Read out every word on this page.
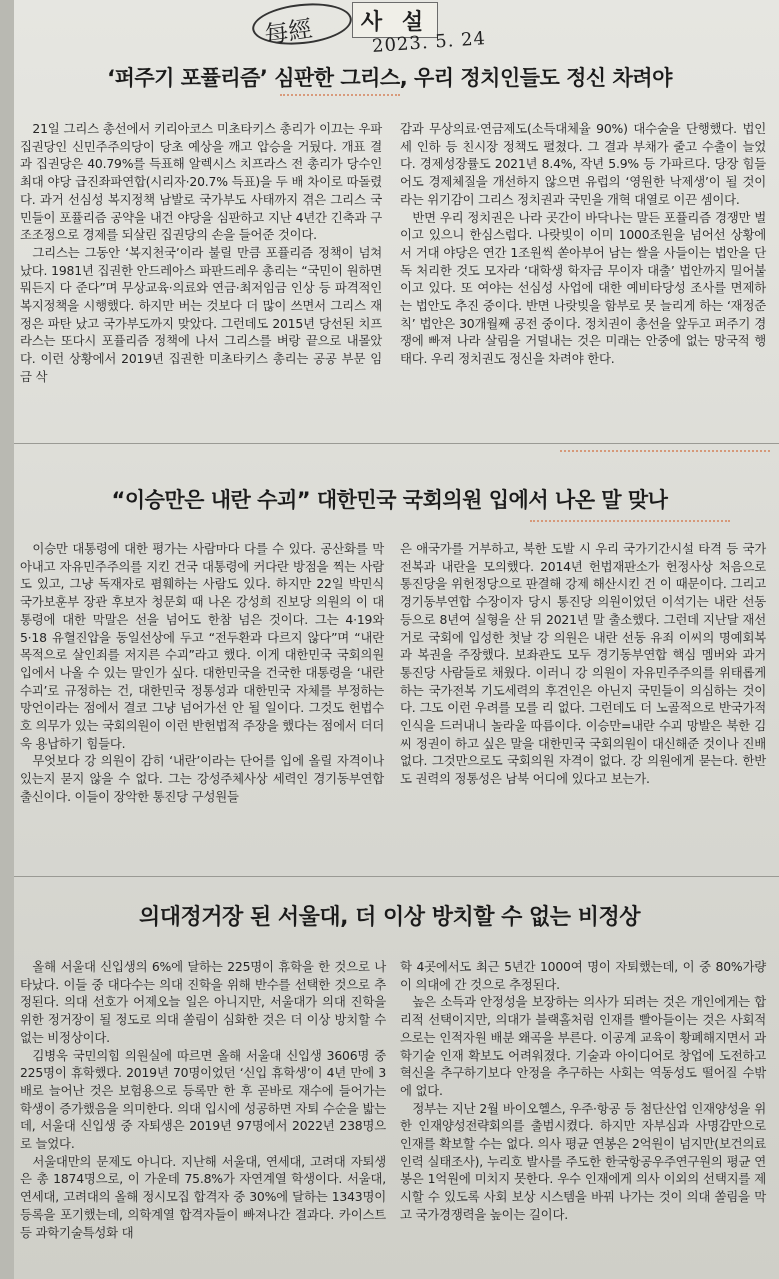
每經	사 설
2023. 5. 24
‘퍼주기 포퓰리즘’ 심판한 그리스, 우리 정치인들도 정신 차려야

21일 그리스 총선에서 키리아코스 미초타키스 총리가 이끄는 우파 집권당인 신민주주의당이 당초 예상을 깨고 압승을 거뒀다. 개표 결과 집권당은 40.79%를 득표해 알렉시스 치프라스 전 총리가 당수인 최대 야당 급진좌파연합(시리자·20.7% 득표)을 두 배 차이로 따돌렸다. 과거 선심성 복지정책 남발로 국가부도 사태까지 겪은 그리스 국민들이 포퓰리즘 공약을 내건 야당을 심판하고 지난 4년간 긴축과 구조조정으로 경제를 되살린 집권당의 손을 들어준 것이다.

그리스는 그동안 ‘복지천국’이라 불릴 만큼 포퓰리즘 정책이 넘쳐났다. 1981년 집권한 안드레아스 파판드레우 총리는 “국민이 원하면 뭐든지 다 준다”며 무상교육·의료와 연금·최저임금 인상 등 파격적인 복지정책을 시행했다. 하지만 버는 것보다 더 많이 쓰면서 그리스 재정은 파탄 났고 국가부도까지 맞았다. 그런데도 2015년 당선된 치프라스는 또다시 포퓰리즘 정책에 나서 그리스를 벼랑 끝으로 내몰았다. 이런 상황에서 2019년 집권한 미초타키스 총리는 공공 부문 임금 삭

감과 무상의료·연금제도(소득대체율 90%) 대수술을 단행했다. 법인세 인하 등 친시장 정책도 펼쳤다. 그 결과 부채가 줄고 수출이 늘었다. 경제성장률도 2021년 8.4%, 작년 5.9% 등 가파르다. 당장 힘들어도 경제체질을 개선하지 않으면 유럽의 ‘영원한 낙제생’이 될 것이라는 위기감이 그리스 정치권과 국민을 개혁 대열로 이끈 셈이다.

반면 우리 정치권은 나라 곳간이 바닥나는 말든 포퓰리즘 경쟁만 벌이고 있으니 한심스럽다. 나랏빚이 이미 1000조원을 넘어선 상황에서 거대 야당은 연간 1조원씩 쏟아부어 남는 쌀을 사들이는 법안을 단독 처리한 것도 모자라 ‘대학생 학자금 무이자 대출’ 법안까지 밀어붙이고 있다. 또 여야는 선심성 사업에 대한 예비타당성 조사를 면제하는 법안도 추진 중이다. 반면 나랏빚을 함부로 못 늘리게 하는 ‘재정준칙’ 법안은 30개월째 공전 중이다. 정치권이 총선을 앞두고 퍼주기 경쟁에 빠져 나라 살림을 거덜내는 것은 미래는 안중에 없는 망국적 행태다. 우리 정치권도 정신을 차려야 한다.

“이승만은 내란 수괴” 대한민국 국회의원 입에서 나온 말 맞나

이승만 대통령에 대한 평가는 사람마다 다를 수 있다. 공산화를 막아내고 자유민주주의를 지킨 건국 대통령에 커다란 방점을 찍는 사람도 있고, 그냥 독재자로 폄훼하는 사람도 있다. 하지만 22일 박민식 국가보훈부 장관 후보자 청문회 때 나온 강성희 진보당 의원의 이 대통령에 대한 막말은 선을 넘어도 한참 넘은 것이다. 그는 4·19와 5·18 유혈진압을 동일선상에 두고 “전두환과 다르지 않다”며 “내란 목적으로 살인죄를 저지른 수괴”라고 했다. 이게 대한민국 국회의원 입에서 나올 수 있는 말인가 싶다. 대한민국을 건국한 대통령을 ‘내란 수괴’로 규정하는 건, 대한민국 정통성과 대한민국 자체를 부정하는 망언이라는 점에서 결코 그냥 넘어가선 안 될 일이다. 그것도 헌법수호 의무가 있는 국회의원이 이런 반헌법적 주장을 했다는 점에서 더더욱 용납하기 힘들다.

무엇보다 강 의원이 감히 ‘내란’이라는 단어를 입에 올릴 자격이나 있는지 묻지 않을 수 없다. 그는 강성주체사상 세력인 경기동부연합 출신이다. 이들이 장악한 통진당 구성원들

은 애국가를 거부하고, 북한 도발 시 우리 국가기간시설 타격 등 국가 전복과 내란을 모의했다. 2014년 헌법재판소가 헌정사상 처음으로 통진당을 위헌정당으로 판결해 강제 해산시킨 건 이 때문이다. 그리고 경기동부연합 수장이자 당시 통진당 의원이었던 이석기는 내란 선동 등으로 8년여 실형을 산 뒤 2021년 말 출소했다. 그런데 지난달 재선거로 국회에 입성한 첫날 강 의원은 내란 선동 유죄 이씨의 명예회복과 복권을 주장했다. 보좌관도 모두 경기동부연합 핵심 멤버와 과거 통진당 사람들로 채웠다. 이러니 강 의원이 자유민주주의를 위태롭게 하는 국가전복 기도세력의 후견인은 아닌지 국민들이 의심하는 것이다. 그도 이런 우려를 모를 리 없다. 그런데도 더 노골적으로 반국가적 인식을 드러내니 놀라울 따름이다. 이승만=내란 수괴 망발은 북한 김씨 정권이 하고 싶은 말을 대한민국 국회의원이 대신해준 것이나 진배없다. 그것만으로도 국회의원 자격이 없다. 강 의원에게 묻는다. 한반도 권력의 정통성은 남북 어디에 있다고 보는가.

의대정거장 된 서울대, 더 이상 방치할 수 없는 비정상

올해 서울대 신입생의 6%에 달하는 225명이 휴학을 한 것으로 나타났다. 이들 중 대다수는 의대 진학을 위해 반수를 선택한 것으로 추정된다. 의대 선호가 어제오늘 일은 아니지만, 서울대가 의대 진학을 위한 정거장이 될 정도로 의대 쏠림이 심화한 것은 더 이상 방치할 수 없는 비정상이다.

김병욱 국민의힘 의원실에 따르면 올해 서울대 신입생 3606명 중 225명이 휴학했다. 2019년 70명이었던 ‘신입 휴학생’이 4년 만에 3배로 늘어난 것은 보험용으로 등록만 한 후 곧바로 재수에 들어가는 학생이 증가했음을 의미한다. 의대 입시에 성공하면 자퇴 수순을 밟는데, 서울대 신입생 중 자퇴생은 2019년 97명에서 2022년 238명으로 늘었다.

서울대만의 문제도 아니다. 지난해 서울대, 연세대, 고려대 자퇴생은 총 1874명으로, 이 가운데 75.8%가 자연계열 학생이다. 서울대, 연세대, 고려대의 올해 정시모집 합격자 중 30%에 달하는 1343명이 등록을 포기했는데, 의학계열 합격자들이 빠져나간 결과다. 카이스트 등 과학기술특성화 대

학 4곳에서도 최근 5년간 1000여 명이 자퇴했는데, 이 중 80%가량이 의대에 간 것으로 추정된다.

높은 소득과 안정성을 보장하는 의사가 되려는 것은 개인에게는 합리적 선택이지만, 의대가 블랙홀처럼 인재를 빨아들이는 것은 사회적으로는 인적자원 배분 왜곡을 부른다. 이공계 교육이 황폐해지면서 과학기술 인재 확보도 어려워졌다. 기술과 아이디어로 창업에 도전하고 혁신을 추구하기보다 안정을 추구하는 사회는 역동성도 떨어질 수밖에 없다.

정부는 지난 2월 바이오헬스, 우주·항공 등 첨단산업 인재양성을 위한 인재양성전략회의를 출범시켰다. 하지만 자부심과 사명감만으로 인재를 확보할 수는 없다. 의사 평균 연봉은 2억원이 넘지만(보건의료인력 실태조사), 누리호 발사를 주도한 한국항공우주연구원의 평균 연봉은 1억원에 미치지 못한다. 우수 인재에게 의사 이외의 선택지를 제시할 수 있도록 사회 보상 시스템을 바꿔 나가는 것이 의대 쏠림을 막고 국가경쟁력을 높이는 길이다.
